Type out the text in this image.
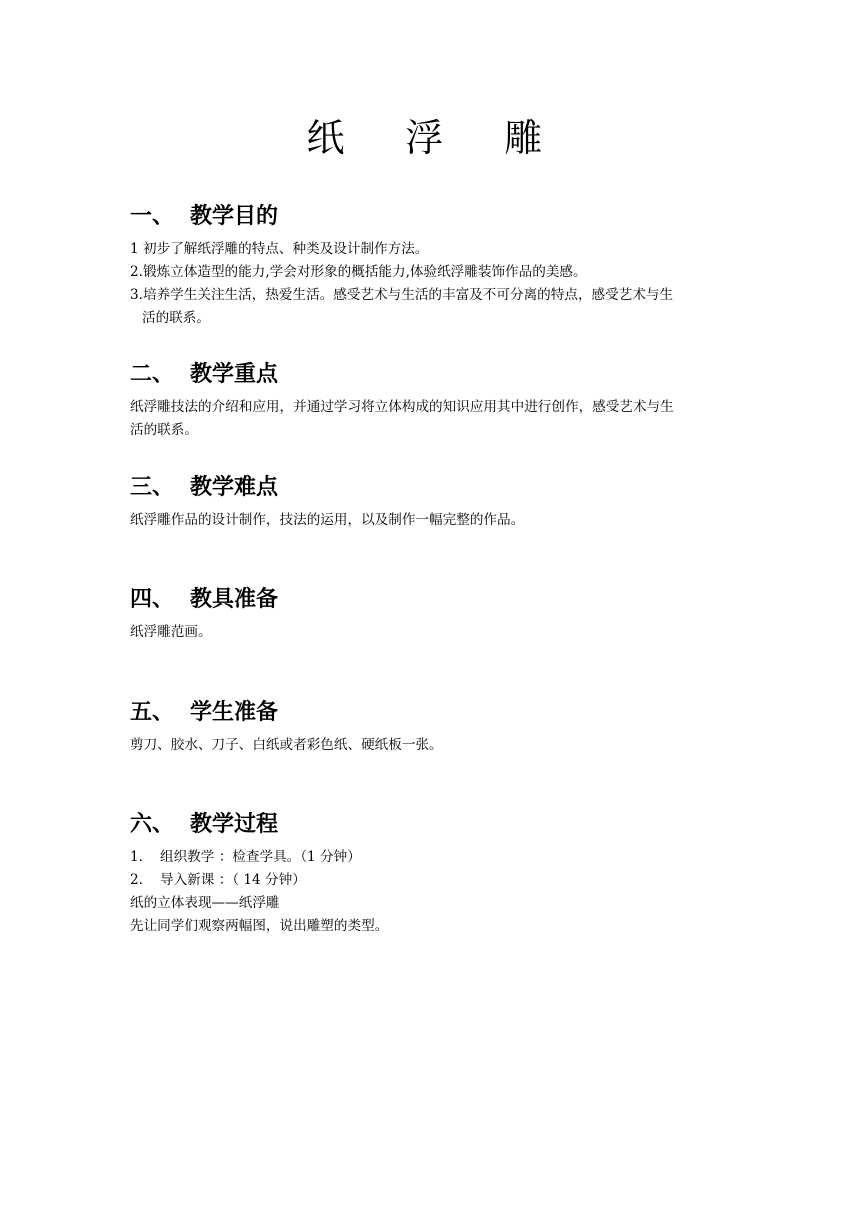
纸　浮　雕
一、 教学目的

1 初步了解纸浮雕的特点、种类及设计制作方法。

2.锻炼立体造型的能力,学会对形象的概括能力,体验纸浮雕装饰作品的美感。

3.培养学生关注生活，热爱生活。感受艺术与生活的丰富及不可分离的特点，感受艺术与生

活的联系。

二、 教学重点

纸浮雕技法的介绍和应用，并通过学习将立体构成的知识应用其中进行创作，感受艺术与生

活的联系。

三、 教学难点

纸浮雕作品的设计制作，技法的运用，以及制作一幅完整的作品。

四、 教具准备

纸浮雕范画。

五、 学生准备

剪刀、胶水、刀子、白纸或者彩色纸、硬纸板一张。

六、 教学过程

1. 组织教学 ：检查学具。（1 分钟）

2. 导入新课 ：（ 14 分钟）

纸的立体表现——纸浮雕

先让同学们观察两幅图，说出雕塑的类型。
